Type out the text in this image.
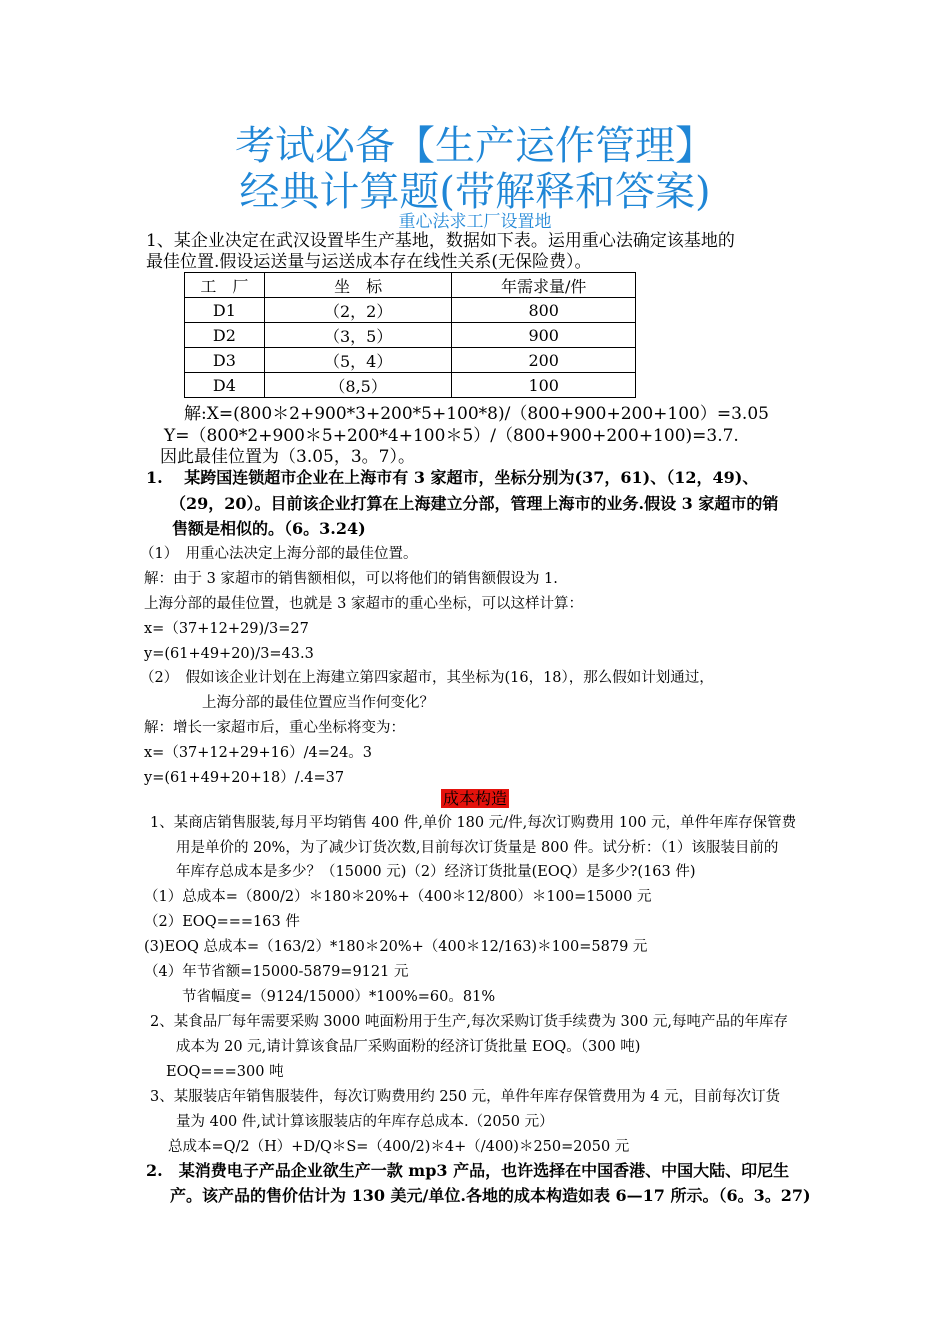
考试必备【生产运作管理】
经典计算题(带解释和答案)
重心法求工厂设置地
1、某企业决定在武汉设置毕生产基地，数据如下表。运用重心法确定该基地的
最佳位置.假设运送量与运送成本存在线性关系(无保险费）。
工　厂	坐　标	年需求量/件
D1	（2，2）	800
D2	（3，5）	900
D3	（5，4）	200
D4	（8,5）	100
解:X=(800＊2+900*3+200*5+100*8)/（800+900+200+100）=3.05
Y=（800*2+900＊5+200*4+100＊5）/（800+900+200+100)=3.7.
因此最佳位置为（3.05，3。7）。
1.　 某跨国连锁超市企业在上海市有 3 家超市，坐标分别为(37，61)、（12，49)、
（29，20）。目前该企业打算在上海建立分部，管理上海市的业务.假设 3 家超市的销
售额是相似的。（6。3.24)
（1）　用重心法决定上海分部的最佳位置。
解：由于 3 家超市的销售额相似，可以将他们的销售额假设为 1.
上海分部的最佳位置，也就是 3 家超市的重心坐标，可以这样计算：
x=（37+12+29)/3=27
y=(61+49+20)/3=43.3
（2）　假如该企业计划在上海建立第四家超市，其坐标为(16，18），那么假如计划通过，
上海分部的最佳位置应当作何变化？
解：增长一家超市后，重心坐标将变为：
x=（37+12+29+16）/4=24。3
y=(61+49+20+18）/.4=37
成本构造
1、某商店销售服装,每月平均销售 400 件,单价 180 元/件,每次订购费用 100 元，单件年库存保管费
用是单价的 20%，为了减少订货次数,目前每次订货量是 800 件。试分析：（1）该服装目前的
年库存总成本是多少？（15000 元)（2）经济订货批量(EOQ）是多少?(163 件)
（1）总成本=（800/2）＊180＊20%+（400＊12/800）＊100=15000 元
（2）EOQ===163 件
(3)EOQ 总成本=（163/2）*180＊20%+（400＊12/163)＊100=5879 元
（4）年节省额=15000-5879=9121 元
节省幅度=（9124/15000）*100%=60。81%
2、某食品厂每年需要采购 3000 吨面粉用于生产,每次采购订货手续费为 300 元,每吨产品的年库存
成本为 20 元,请计算该食品厂采购面粉的经济订货批量 EOQ。（300 吨)
EOQ===300 吨
3、某服装店年销售服装件，每次订购费用约 250 元，单件年库存保管费用为 4 元，目前每次订货
量为 400 件,试计算该服装店的年库存总成本.（2050 元）
总成本=Q/2（H）+D/Q＊S=（400/2)＊4+（/400)＊250=2050 元
2.　某消费电子产品企业欲生产一款 mp3 产品，也许选择在中国香港、中国大陆、印尼生
产。该产品的售价估计为 130 美元/单位.各地的成本构造如表 6—17 所示。（6。3。27)
